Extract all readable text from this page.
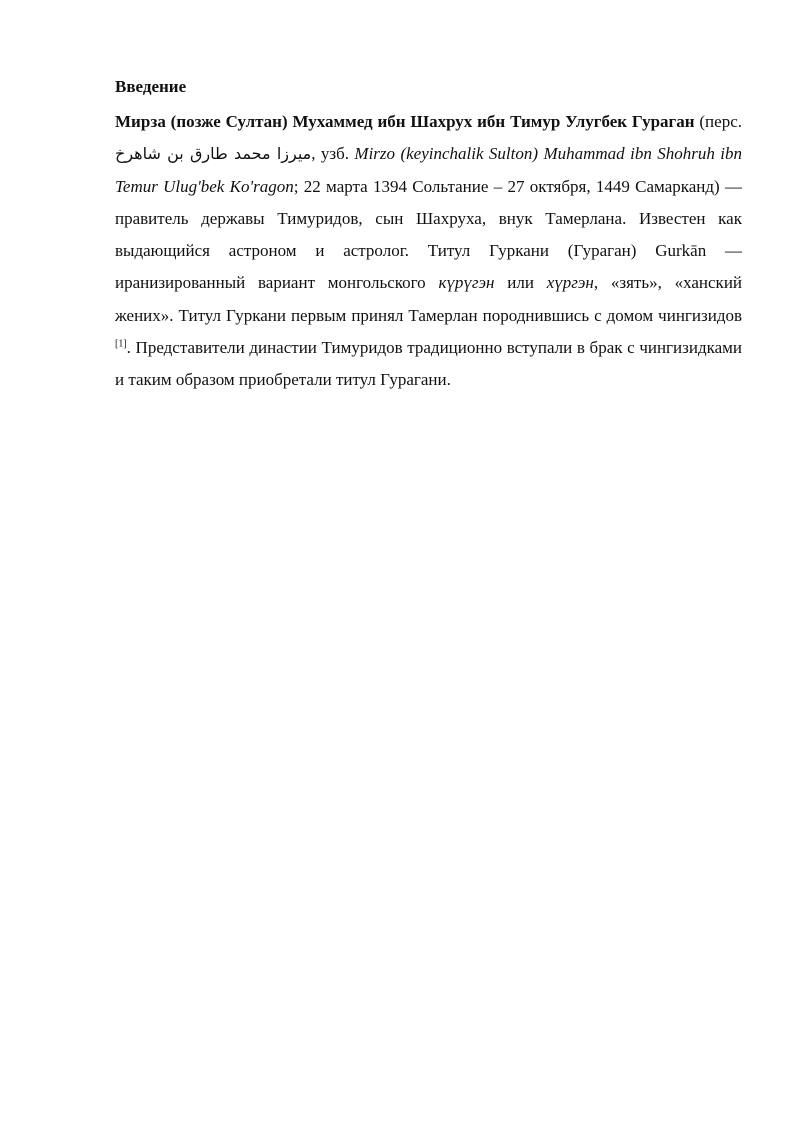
Введение

Мирза (позже Султан) Мухаммед ибн Шахрух ибн Тимур Улугбек Гураган (перс. میرزا محمد طارق بن شاهرخ, узб. Mirzo (keyinchalik Sulton) Muhammad ibn Shohruh ibn Temur Ulug'bek Ko'ragon; 22 марта 1394 Сольтание – 27 октября, 1449 Самарканд) — правитель державы Тимуридов, сын Шахруха, внук Тамерлана. Известен как выдающийся астроном и астролог. Титул Гуркани (Гураган) Gurkān — иранизированный вариант монгольского күрүгэн или хүргэн, «зять», «ханский жених». Титул Гуркани первым принял Тамерлан породнившись с домом чингизидов [1]. Представители династии Тимуридов традиционно вступали в брак с чингизидками и таким образом приобретали титул Гурагани.
